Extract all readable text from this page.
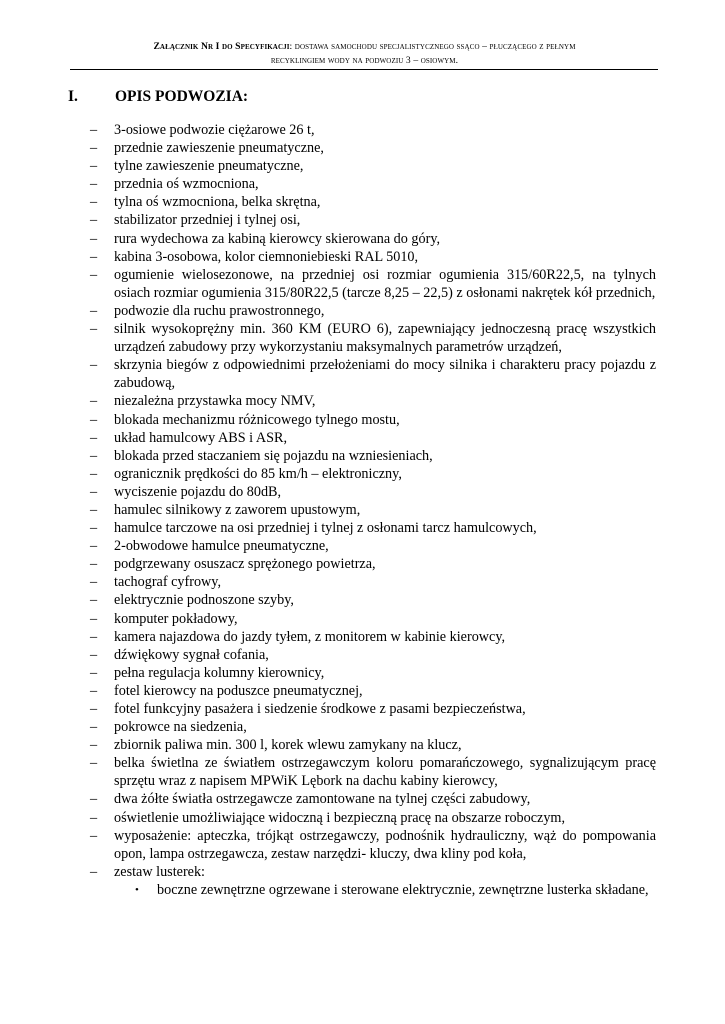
Załącznik Nr I do Specyfikacji: dostawa samochodu specjalistycznego ssąco – płuczącego z pełnym
recyklingiem wody na podwoziu 3 – osiowym.
I. OPIS PODWOZIA:
– 3-osiowe podwozie ciężarowe 26 t,
– przednie zawieszenie pneumatyczne,
– tylne zawieszenie pneumatyczne,
– przednia oś wzmocniona,
– tylna oś wzmocniona, belka skrętna,
– stabilizator przedniej i tylnej osi,
– rura wydechowa za kabiną kierowcy skierowana do góry,
– kabina 3-osobowa, kolor ciemnoniebieski RAL 5010,
– ogumienie wielosezonowe, na przedniej osi rozmiar ogumienia 315/60R22,5, na tylnych osiach rozmiar ogumienia 315/80R22,5 (tarcze 8,25 – 22,5) z osłonami nakrętek kół przednich,
– podwozie dla ruchu prawostronnego,
– silnik wysokoprężny min. 360 KM (EURO 6), zapewniający jednoczesną pracę wszystkich urządzeń zabudowy przy wykorzystaniu maksymalnych parametrów urządzeń,
– skrzynia biegów z odpowiednimi przełożeniami do mocy silnika i charakteru pracy pojazdu z zabudową,
– niezależna przystawka mocy NMV,
– blokada mechanizmu różnicowego tylnego mostu,
– układ hamulcowy ABS i ASR,
– blokada przed staczaniem się pojazdu na wzniesieniach,
– ogranicznik prędkości do 85 km/h – elektroniczny,
– wyciszenie pojazdu do 80dB,
– hamulec silnikowy z zaworem upustowym,
– hamulce tarczowe na osi przedniej i tylnej z osłonami tarcz hamulcowych,
– 2-obwodowe hamulce pneumatyczne,
– podgrzewany osuszacz sprężonego powietrza,
– tachograf cyfrowy,
– elektrycznie podnoszone szyby,
– komputer pokładowy,
– kamera najazdowa do jazdy tyłem, z monitorem w kabinie kierowcy,
– dźwiękowy sygnał cofania,
– pełna regulacja kolumny kierownicy,
– fotel kierowcy na poduszce pneumatycznej,
– fotel funkcyjny pasażera i siedzenie środkowe z pasami bezpieczeństwa,
– pokrowce na siedzenia,
– zbiornik paliwa min. 300 l, korek wlewu zamykany na klucz,
– belka świetlna ze światłem ostrzegawczym koloru pomarańczowego, sygnalizującym pracę sprzętu wraz z napisem MPWiK Lębork na dachu kabiny kierowcy,
– dwa żółte światła ostrzegawcze zamontowane na tylnej części zabudowy,
– oświetlenie umożliwiające widoczną i bezpieczną pracę na obszarze roboczym,
– wyposażenie: apteczka, trójkąt ostrzegawczy, podnośnik hydrauliczny, wąż do pompowania opon, lampa ostrzegawcza, zestaw narzędzi- kluczy, dwa kliny pod koła,
– zestaw lusterek:
• boczne zewnętrzne ogrzewane i sterowane elektrycznie, zewnętrzne lusterka składane,
